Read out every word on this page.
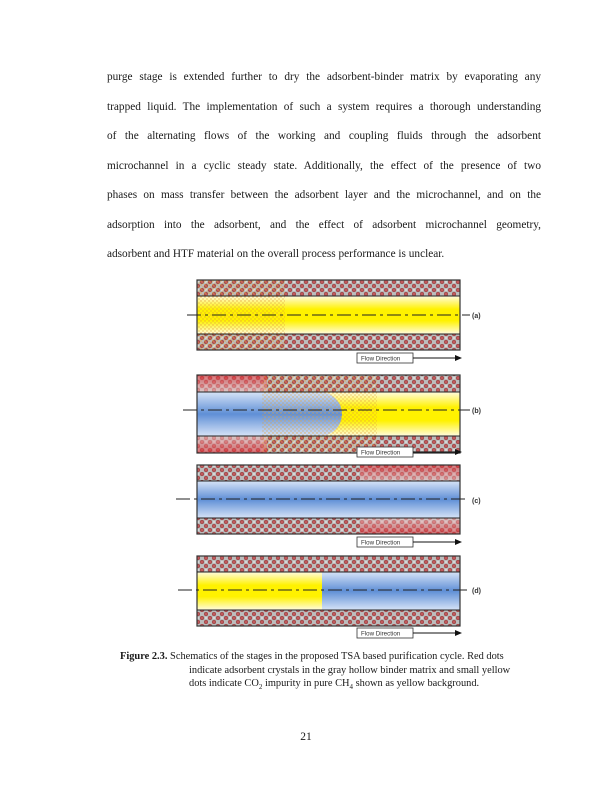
purge stage is extended further to dry the adsorbent-binder matrix by evaporating any
trapped liquid. The implementation of such a system requires a thorough understanding
of the alternating flows of the working and coupling fluids through the adsorbent
microchannel in a cyclic steady state. Additionally, the effect of the presence of two
phases on mass transfer between the adsorbent layer and the microchannel, and on the
adsorption into the adsorbent, and the effect of adsorbent microchannel geometry,
adsorbent and HTF material on the overall process performance is unclear.
(a)
Flow Direction
(b)
Flow Direction
(c)
Flow Direction
(d)
Flow Direction
Figure 2.3. Schematics of the stages in the proposed TSA based purification cycle. Red dots
indicate adsorbent crystals in the gray hollow binder matrix and small yellow
dots indicate $CO_2$ impurity in pure $CH_4$ shown as yellow background.
21
